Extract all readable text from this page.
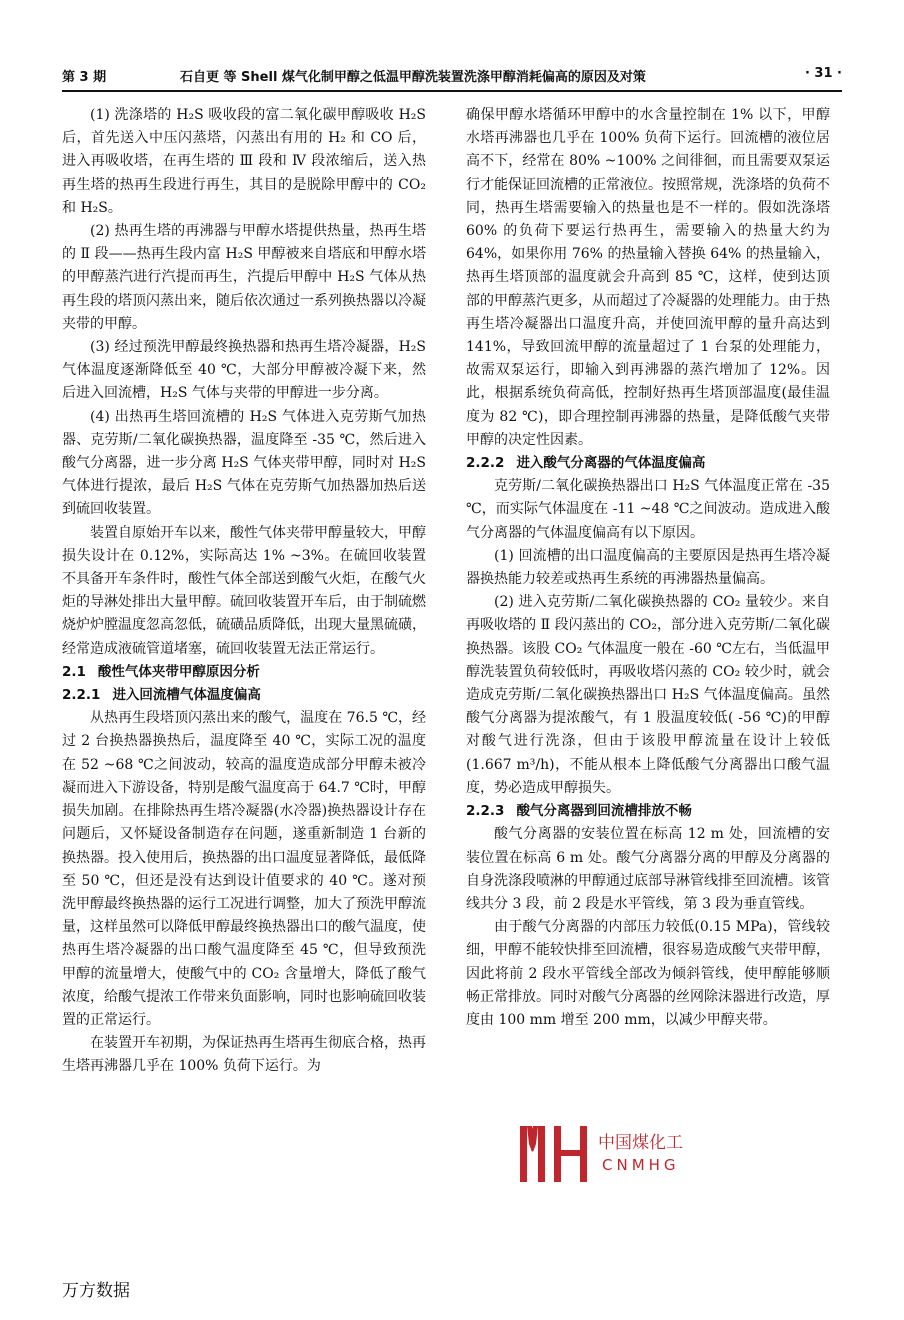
第 3 期	石自更 等 Shell 煤气化制甲醇之低温甲醇洗装置洗涤甲醇消耗偏高的原因及对策	· 31 ·

(1) 洗涤塔的 H₂S 吸收段的富二氧化碳甲醇吸收 H₂S 后，首先送入中压闪蒸塔，闪蒸出有用的 H₂ 和 CO 后，进入再吸收塔，在再生塔的 Ⅲ 段和 Ⅳ 段浓缩后，送入热再生塔的热再生段进行再生，其目的是脱除甲醇中的 CO₂ 和 H₂S。

(2) 热再生塔的再沸器与甲醇水塔提供热量，热再生塔的 Ⅱ 段——热再生段内富 H₂S 甲醇被来自塔底和甲醇水塔的甲醇蒸汽进行汽提而再生，汽提后甲醇中 H₂S 气体从热再生段的塔顶闪蒸出来，随后依次通过一系列换热器以冷凝夹带的甲醇。

(3) 经过预洗甲醇最终换热器和热再生塔冷凝器，H₂S 气体温度逐渐降低至 40 ℃，大部分甲醇被冷凝下来，然后进入回流槽，H₂S 气体与夹带的甲醇进一步分离。

(4) 出热再生塔回流槽的 H₂S 气体进入克劳斯气加热器、克劳斯/二氧化碳换热器，温度降至 -35 ℃，然后进入酸气分离器，进一步分离 H₂S 气体夹带甲醇，同时对 H₂S 气体进行提浓，最后 H₂S 气体在克劳斯气加热器加热后送到硫回收装置。

装置自原始开车以来，酸性气体夹带甲醇量较大，甲醇损失设计在 0.12%，实际高达 1% ~3%。在硫回收装置不具备开车条件时，酸性气体全部送到酸气火炬，在酸气火炬的导淋处排出大量甲醇。硫回收装置开车后，由于制硫燃烧炉炉膛温度忽高忽低，硫磺品质降低，出现大量黑硫磺，经常造成液硫管道堵塞，硫回收装置无法正常运行。

2.1 酸性气体夹带甲醇原因分析
2.2.1 进入回流槽气体温度偏高

从热再生段塔顶闪蒸出来的酸气，温度在 76.5 ℃，经过 2 台换热器换热后，温度降至 40 ℃，实际工况的温度在 52 ~68 ℃之间波动，较高的温度造成部分甲醇未被冷凝而进入下游设备，特别是酸气温度高于 64.7 ℃时，甲醇损失加剧。在排除热再生塔冷凝器(水冷器)换热器设计存在问题后，又怀疑设备制造存在问题，遂重新制造 1 台新的换热器。投入使用后，换热器的出口温度显著降低，最低降至 50 ℃，但还是没有达到设计值要求的 40 ℃。遂对预洗甲醇最终换热器的运行工况进行调整，加大了预洗甲醇流量，这样虽然可以降低甲醇最终换热器出口的酸气温度，使热再生塔冷凝器的出口酸气温度降至 45 ℃，但导致预洗甲醇的流量增大，使酸气中的 CO₂ 含量增大，降低了酸气浓度，给酸气提浓工作带来负面影响，同时也影响硫回收装置的正常运行。

在装置开车初期，为保证热再生塔再生彻底合格，热再生塔再沸器几乎在 100% 负荷下运行。为

确保甲醇水塔循环甲醇中的水含量控制在 1% 以下，甲醇水塔再沸器也几乎在 100% 负荷下运行。回流槽的液位居高不下，经常在 80% ~100% 之间徘徊，而且需要双泵运行才能保证回流槽的正常液位。按照常规，洗涤塔的负荷不同，热再生塔需要输入的热量也是不一样的。假如洗涤塔 60% 的负荷下要运行热再生，需要输入的热量大约为 64%，如果你用 76% 的热量输入替换 64% 的热量输入，热再生塔顶部的温度就会升高到 85 ℃，这样，使到达顶部的甲醇蒸汽更多，从而超过了冷凝器的处理能力。由于热再生塔冷凝器出口温度升高，并使回流甲醇的量升高达到 141%，导致回流甲醇的流量超过了 1 台泵的处理能力，故需双泵运行，即输入到再沸器的蒸汽增加了 12%。因此，根据系统负荷高低，控制好热再生塔顶部温度(最佳温度为 82 ℃)，即合理控制再沸器的热量，是降低酸气夹带甲醇的决定性因素。

2.2.2 进入酸气分离器的气体温度偏高

克劳斯/二氧化碳换热器出口 H₂S 气体温度正常在 -35 ℃，而实际气体温度在 -11 ~48 ℃之间波动。造成进入酸气分离器的气体温度偏高有以下原因。

(1) 回流槽的出口温度偏高的主要原因是热再生塔冷凝器换热能力较差或热再生系统的再沸器热量偏高。

(2) 进入克劳斯/二氧化碳换热器的 CO₂ 量较少。来自再吸收塔的 Ⅱ 段闪蒸出的 CO₂，部分进入克劳斯/二氧化碳换热器。该股 CO₂ 气体温度一般在 -60 ℃左右，当低温甲醇洗装置负荷较低时，再吸收塔闪蒸的 CO₂ 较少时，就会造成克劳斯/二氧化碳换热器出口 H₂S 气体温度偏高。虽然酸气分离器为提浓酸气，有 1 股温度较低( -56 ℃)的甲醇对酸气进行洗涤，但由于该股甲醇流量在设计上较低(1.667 m³/h)，不能从根本上降低酸气分离器出口酸气温度，势必造成甲醇损失。

2.2.3 酸气分离器到回流槽排放不畅

酸气分离器的安装位置在标高 12 m 处，回流槽的安装位置在标高 6 m 处。酸气分离器分离的甲醇及分离器的自身洗涤段喷淋的甲醇通过底部导淋管线排至回流槽。该管线共分 3 段，前 2 段是水平管线，第 3 段为垂直管线。

由于酸气分离器的内部压力较低(0.15 MPa)，管线较细，甲醇不能较快排至回流槽，很容易造成酸气夹带甲醇，因此将前 2 段水平管线全部改为倾斜管线，使甲醇能够顺畅正常排放。同时对酸气分离器的丝网除沫器进行改造，厚度由 100 mm 增至 200 mm，以减少甲醇夹带。

中国煤化工
CNMHG
万方数据
